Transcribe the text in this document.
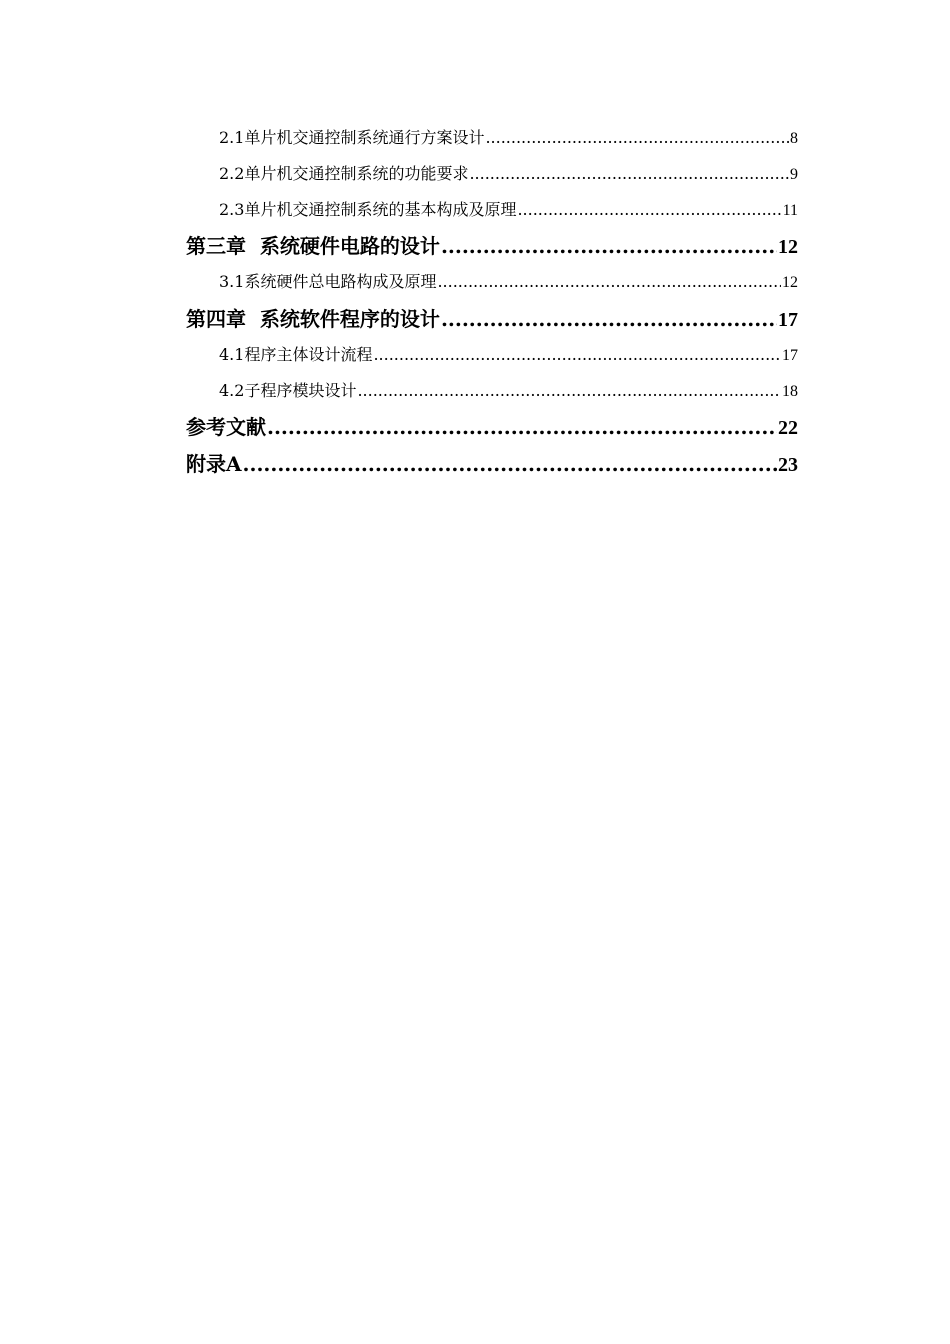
2.1单片机交通控制系统通行方案设计 .....	8
2.2单片机交通控制系统的功能要求 .....	9
2.3单片机交通控制系统的基本构成及原理 .....	11
第三章  系统硬件电路的设计 .....	12
3.1系统硬件总电路构成及原理 .....	12
第四章  系统软件程序的设计 .....	17
4.1程序主体设计流程 .....	17
4.2子程序模块设计 .....	18
参考文献 .....	22
附录A .....	23
